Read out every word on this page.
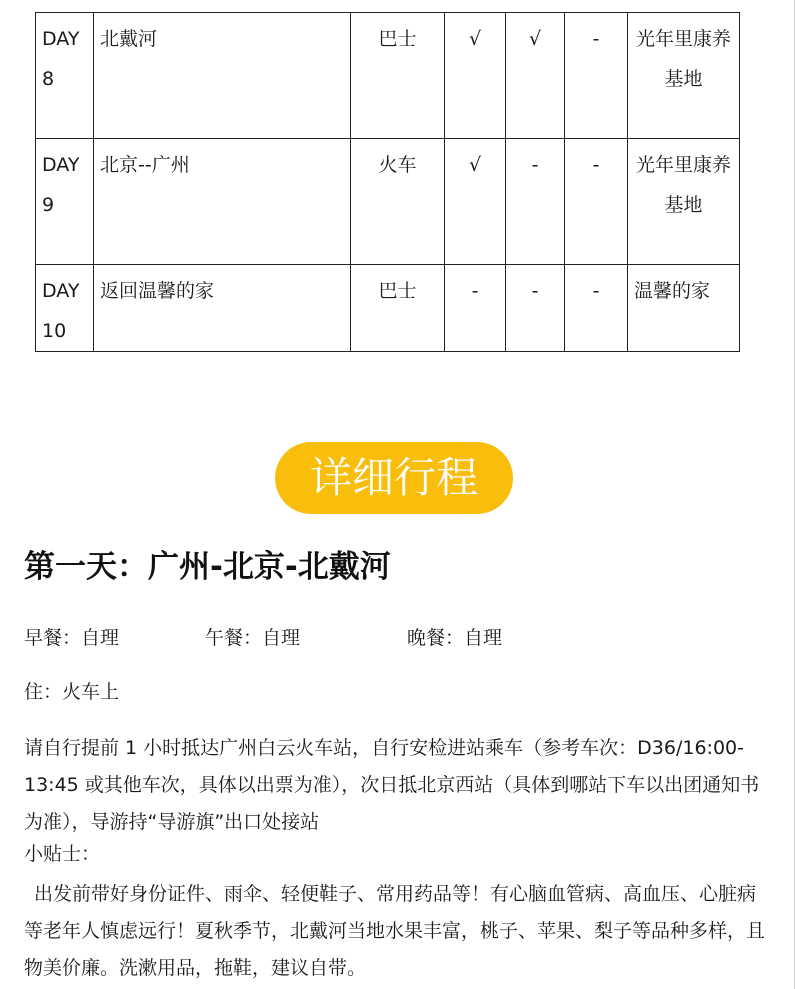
DAY8	北戴河	巴士	√	√	-	光年里康养基地
DAY9	北京--广州	火车	√	-	-	光年里康养基地
DAY10	返回温馨的家	巴士	-	-	-	温馨的家
详细行程
第一天：广州-北京-北戴河
早餐：自理	午餐：自理	晚餐：自理
住：火车上

请自行提前 1 小时抵达广州白云火车站，自行安检进站乘车（参考车次：D36/16:00-13:45 或其他车次，具体以出票为准），次日抵北京西站（具体到哪站下车以出团通知书为准），导游持“导游旗”出口处接站

小贴士：

出发前带好身份证件、雨伞、轻便鞋子、常用药品等！有心脑血管病、高血压、心脏病等老年人慎虑远行！夏秋季节，北戴河当地水果丰富，桃子、苹果、梨子等品种多样，且物美价廉。洗漱用品，拖鞋，建议自带。
